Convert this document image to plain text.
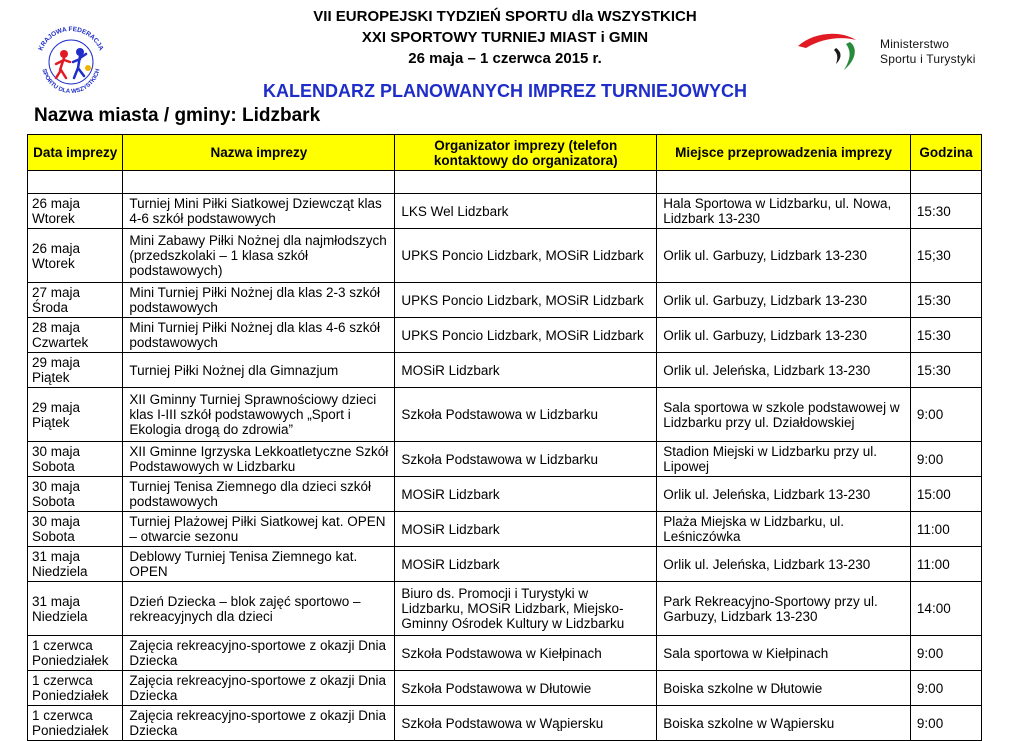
KRAJOWA FEDERACJA
SPORTU DLA WSZYSTKICH
VII EUROPEJSKI TYDZIEŃ SPORTU dla WSZYSTKICH
XXI SPORTOWY TURNIEJ MIAST i GMIN
26 maja – 1 czerwca 2015 r.
KALENDARZ PLANOWANYCH IMPREZ TURNIEJOWYCH
Ministerstwo
Sportu i Turystyki
Nazwa miasta / gminy: Lidzbark
Data imprezy	Nazwa imprezy	Organizator imprezy (telefon kontaktowy do organizatora)	Miejsce przeprowadzenia imprezy	Godzina

26 maja Wtorek	Turniej Mini Piłki Siatkowej Dziewcząt klas 4-6 szkół podstawowych	LKS Wel Lidzbark	Hala Sportowa w Lidzbarku, ul. Nowa, Lidzbark 13-230	15:30
26 maja Wtorek	Mini Zabawy Piłki Nożnej dla najmłodszych (przedszkolaki – 1 klasa szkół podstawowych)	UPKS Poncio Lidzbark, MOSiR Lidzbark	Orlik ul. Garbuzy, Lidzbark 13-230	15;30
27 maja Środa	Mini Turniej Piłki Nożnej dla klas 2-3 szkół podstawowych	UPKS Poncio Lidzbark, MOSiR Lidzbark	Orlik ul. Garbuzy, Lidzbark 13-230	15:30
28 maja Czwartek	Mini Turniej Piłki Nożnej dla klas 4-6 szkół podstawowych	UPKS Poncio Lidzbark, MOSiR Lidzbark	Orlik ul. Garbuzy, Lidzbark 13-230	15:30
29 maja Piątek	Turniej Piłki Nożnej dla Gimnazjum	MOSiR Lidzbark	Orlik ul. Jeleńska, Lidzbark 13-230	15:30
29 maja Piątek	XII Gminny Turniej Sprawnościowy dzieci klas I-III szkół podstawowych „Sport i Ekologia drogą do zdrowia”	Szkoła Podstawowa w Lidzbarku	Sala sportowa w szkole podstawowej w Lidzbarku przy ul. Działdowskiej	9:00
30 maja Sobota	XII Gminne Igrzyska Lekkoatletyczne Szkół Podstawowych w Lidzbarku	Szkoła Podstawowa w Lidzbarku	Stadion Miejski w Lidzbarku przy ul. Lipowej	9:00
30 maja Sobota	Turniej Tenisa Ziemnego dla dzieci szkół podstawowych	MOSiR Lidzbark	Orlik ul. Jeleńska, Lidzbark 13-230	15:00
30 maja Sobota	Turniej Plażowej Piłki Siatkowej kat. OPEN – otwarcie sezonu	MOSiR Lidzbark	Plaża Miejska w Lidzbarku, ul. Leśniczówka	11:00
31 maja Niedziela	Deblowy Turniej Tenisa Ziemnego kat. OPEN	MOSiR Lidzbark	Orlik ul. Jeleńska, Lidzbark 13-230	11:00
31 maja Niedziela	Dzień Dziecka – blok zajęć sportowo – rekreacyjnych dla dzieci	Biuro ds. Promocji i Turystyki w Lidzbarku, MOSiR Lidzbark, Miejsko-Gminny Ośrodek Kultury w Lidzbarku	Park Rekreacyjno-Sportowy przy ul. Garbuzy, Lidzbark 13-230	14:00
1 czerwca Poniedziałek	Zajęcia rekreacyjno-sportowe z okazji Dnia Dziecka	Szkoła Podstawowa w Kiełpinach	Sala sportowa w Kiełpinach	9:00
1 czerwca Poniedziałek	Zajęcia rekreacyjno-sportowe z okazji Dnia Dziecka	Szkoła Podstawowa w Dłutowie	Boiska szkolne w Dłutowie	9:00
1 czerwca Poniedziałek	Zajęcia rekreacyjno-sportowe z okazji Dnia Dziecka	Szkoła Podstawowa w Wąpiersku	Boiska szkolne w Wąpiersku	9:00
